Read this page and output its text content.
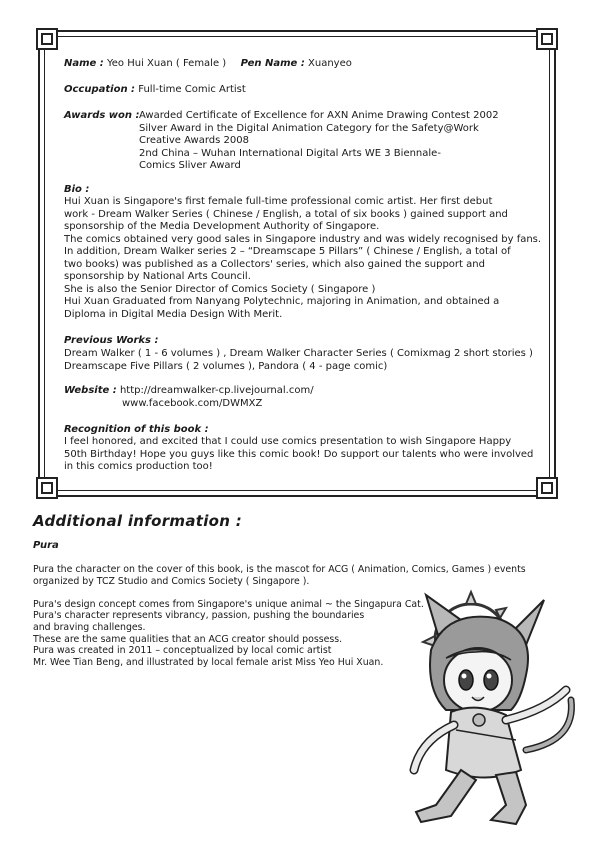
Name : Yeo Hui Xuan ( Female ) Pen Name : Xuanyeo
Occupation : Full-time Comic Artist
Awards won : Awarded Certificate of Excellence for AXN Anime Drawing Contest 2002
Silver Award in the Digital Animation Category for the Safety@Work
Creative Awards 2008
2nd China – Wuhan International Digital Arts WE 3 Biennale-
Comics Sliver Award
Bio :
Hui Xuan is Singapore's first female full-time professional comic artist. Her first debut
work - Dream Walker Series ( Chinese / English, a total of six books ) gained support and
sponsorship of the Media Development Authority of Singapore.
The comics obtained very good sales in Singapore industry and was widely recognised by fans.
In addition, Dream Walker series 2 – “Dreamscape 5 Pillars” ( Chinese / English, a total of
two books) was published as a Collectors' series, which also gained the support and
sponsorship by National Arts Council.
She is also the Senior Director of Comics Society ( Singapore )
Hui Xuan Graduated from Nanyang Polytechnic, majoring in Animation, and obtained a
Diploma in Digital Media Design With Merit.
Previous Works :
Dream Walker ( 1 - 6 volumes ) , Dream Walker Character Series ( Comixmag 2 short stories )
Dreamscape Five Pillars ( 2 volumes ), Pandora ( 4 - page comic)
Website : http://dreamwalker-cp.livejournal.com/
www.facebook.com/DWMXZ
Recognition of this book :
I feel honored, and excited that I could use comics presentation to wish Singapore Happy
50th Birthday! Hope you guys like this comic book! Do support our talents who were involved
in this comics production too!
Additional information :
Pura
Pura the character on the cover of this book, is the mascot for ACG ( Animation, Comics, Games ) events
organized by TCZ Studio and Comics Society ( Singapore ).
Pura's design concept comes from Singapore's unique animal ~ the Singapura Cat.
Pura's character represents vibrancy, passion, pushing the boundaries
and braving challenges.
These are the same qualities that an ACG creator should possess.
Pura was created in 2011 – conceptualized by local comic artist
Mr. Wee Tian Beng, and illustrated by local female arist Miss Yeo Hui Xuan.
